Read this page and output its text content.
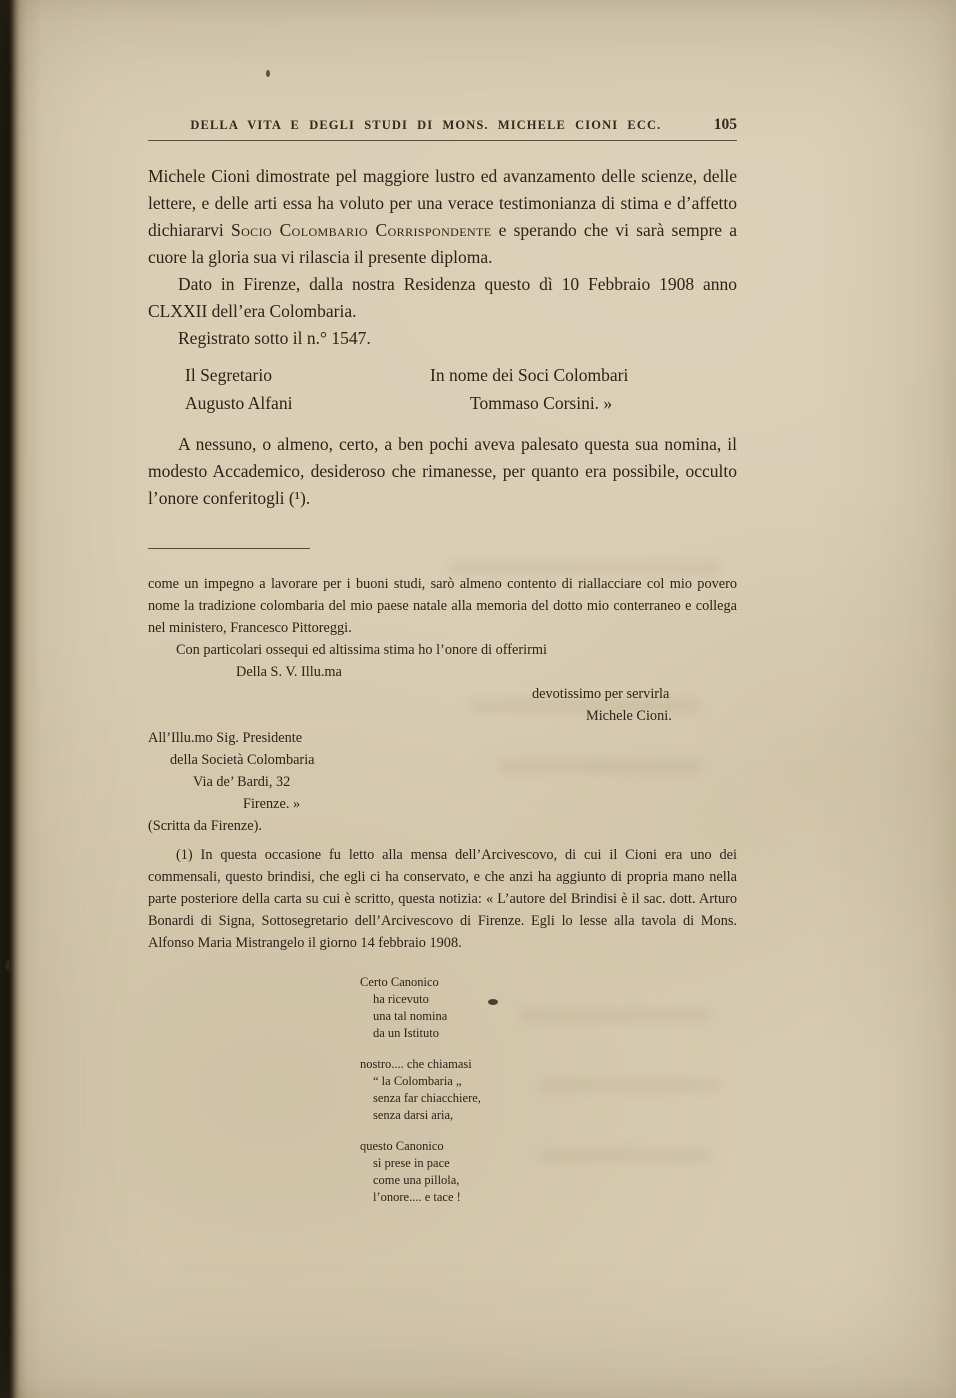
DELLA VITA E DEGLI STUDI DI MONS. MICHELE CIONI ECC.	105

Michele Cioni dimostrate pel maggiore lustro ed avanzamento delle scienze, delle lettere, e delle arti essa ha voluto per una verace testimonianza di stima e d’affetto dichiararvi Socio Colombario Corrispondente e sperando che vi sarà sempre a cuore la gloria sua vi rilascia il presente diploma.

Dato in Firenze, dalla nostra Residenza questo dì 10 Febbraio 1908 anno CLXXII dell’era Colombaria.

Registrato sotto il n.° 1547.

Il Segretario

Augusto Alfani

In nome dei Soci Colombari

Tommaso Corsini. »

A nessuno, o almeno, certo, a ben pochi aveva palesato questa sua nomina, il modesto Accademico, desideroso che rimanesse, per quanto era possibile, occulto l’onore conferitogli (¹).

come un impegno a lavorare per i buoni studi, sarò almeno contento di riallacciare col mio povero nome la tradizione colombaria del mio paese natale alla memoria del dotto mio conterraneo e collega nel ministero, Francesco Pittoreggi.

Con particolari ossequi ed altissima stima ho l’onore di offerirmi

Della S. V. Illu.ma

devotissimo per servirla

Michele Cioni.

All’Illu.mo Sig. Presidente

della Società Colombaria

Via de’ Bardi, 32

Firenze. »

(Scritta da Firenze).

(1) In questa occasione fu letto alla mensa dell’Arcivescovo, di cui il Cioni era uno dei commensali, questo brindisi, che egli ci ha conservato, e che anzi ha aggiunto di propria mano nella parte posteriore della carta su cui è scritto, questa notizia: « L’autore del Brindisi è il sac. dott. Arturo Bonardi di Signa, Sottosegretario dell’Arcivescovo di Firenze. Egli lo lesse alla tavola di Mons. Alfonso Maria Mistrangelo il giorno 14 febbraio 1908.

Certo Canonico

ha ricevuto

una tal nomina

da un Istituto

nostro.... che chiamasi

“ la Colombaria „

senza far chiacchiere,

senza darsi aria,

questo Canonico

sì prese in pace

come una pillola,

l’onore.... e tace !
